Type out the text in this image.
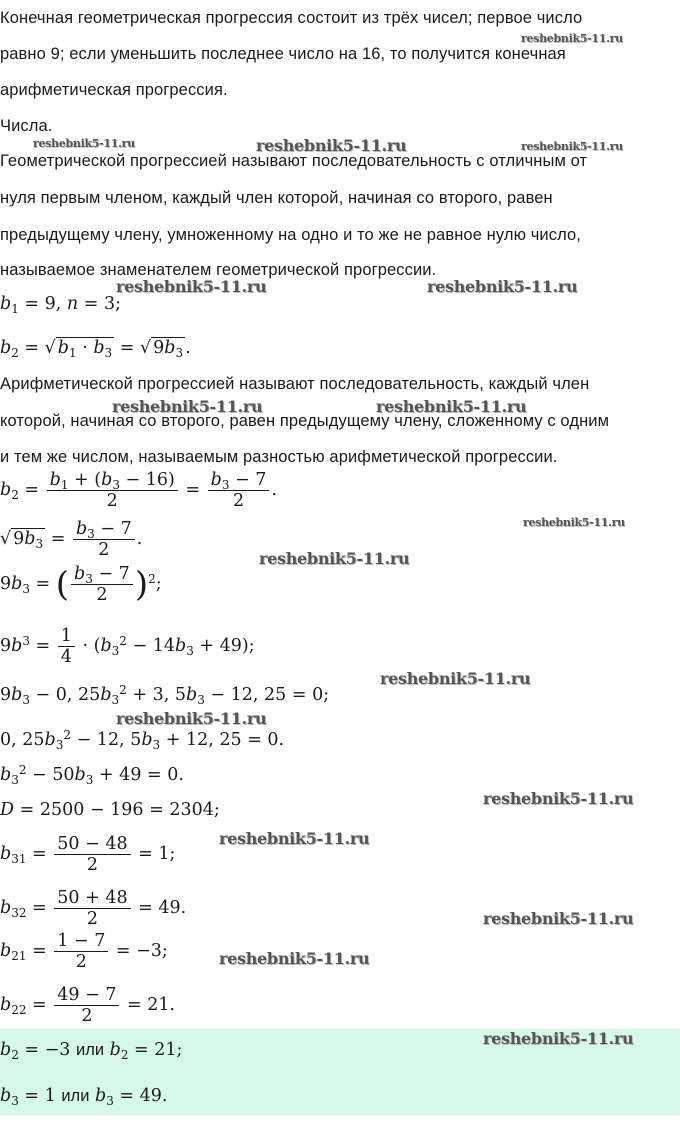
Конечная геометрическая прогрессия состоит из трёх чисел; первое число
равно 9; если уменьшить последнее число на 16, то получится конечная
арифметическая прогрессия.
Числа.
Геометрической прогрессией называют последовательность с отличным от
нуля первым членом, каждый член которой, начиная со второго, равен
предыдущему члену, умноженному на одно и то же не равное нулю число,
называемое знаменателем геометрической прогрессии.
$b_1 = 9$, n = 3;
$b_2$ = √ $b_1 \cdot b_3$ = √ $9b_3$ .
Арифметической прогрессией называют последовательность, каждый член
которой, начиная со второго, равен предыдущему члену, сложенному с одним
и тем же числом, называемым разностью арифметической прогрессии.
$b_2 = \frac{b_1 + (b_3 - 16)}{2} = \frac{b_3 - 7}{2}$ .
√ $9b_3 = \frac{b_3 - 7}{2}$ .
$9b_3$ = ( $\frac{b_3 - 7}{2} )^2$;
$9b^3 = \frac{1}{4} \cdot (b_3^2 - 14b_3 + 49)$;
$9b_3 - 0$, $25b_3^2 + 3$, $5b_3 - 12$, 25 = 0;
0, $25b_3^2 - 12$, $5b_3 + 12$, 25 = 0.
$b_3^2 - 50b_3 + 49 = 0$.
D = 2500 − 196 = 2304;
$b_{31} = \frac{50 - 48}{2} = 1$;
$b_{32} = \frac{50 + 48}{2} = 49$.
$b_{21} = \frac{1 - 7}{2} = -3$;
$b_{22} = \frac{49 - 7}{2} = 21$.
$b_2 = -3$ или $b_2 = 21$;
$b_3 = 1$ или $b_3 = 49$.
reshebnik5-11.ru
reshebnik5-11.ru	reshebnik5-11.ru	reshebnik5-11.ru
reshebnik5-11.ru	reshebnik5-11.ru
reshebnik5-11.ru	reshebnik5-11.ru
reshebnik5-11.ru
reshebnik5-11.ru
reshebnik5-11.ru
reshebnik5-11.ru
reshebnik5-11.ru
reshebnik5-11.ru
reshebnik5-11.ru
reshebnik5-11.ru
reshebnik5-11.ru
